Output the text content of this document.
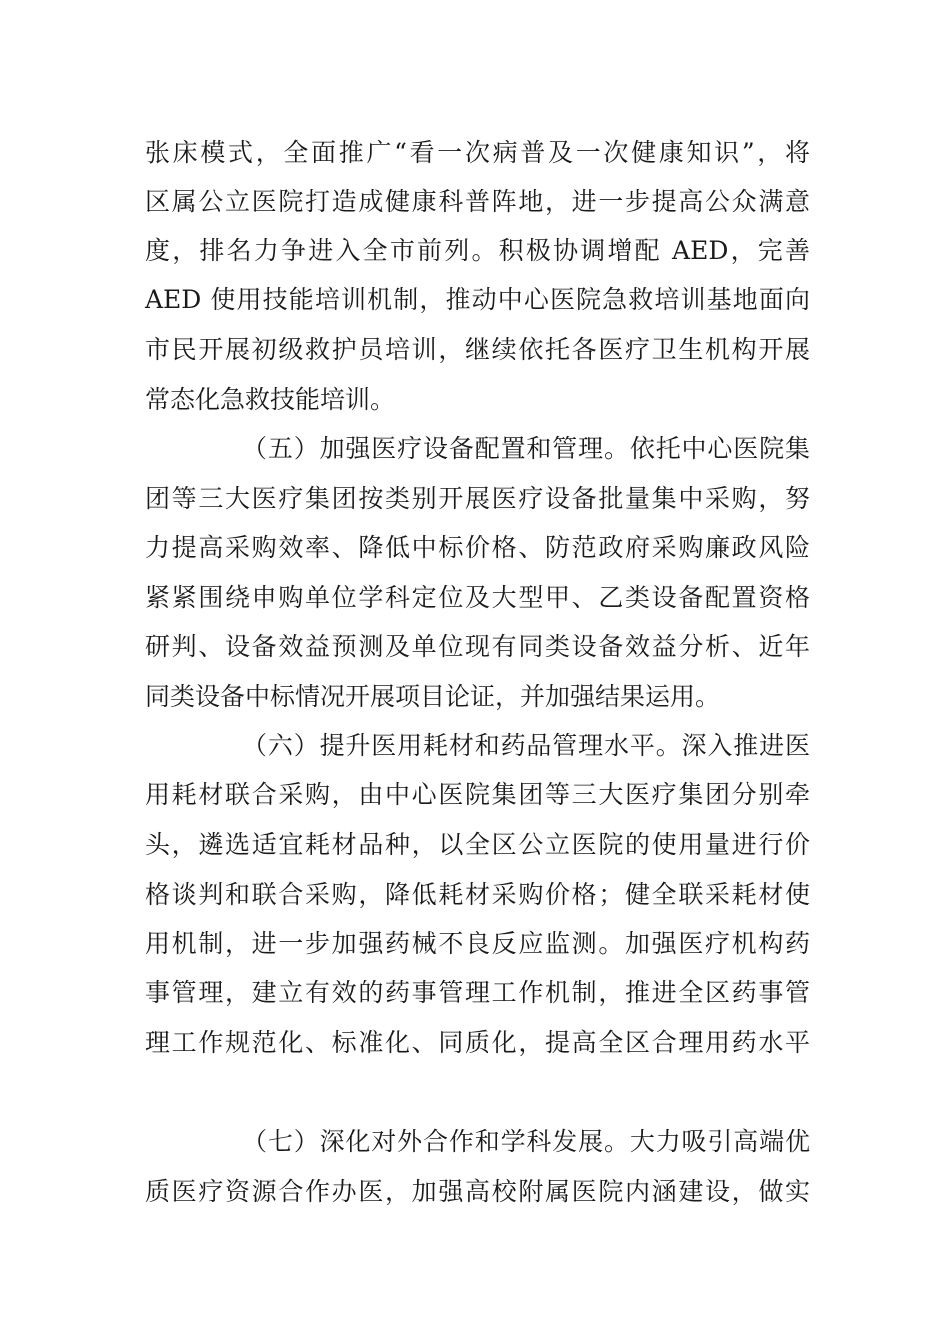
张床模式，全面推广“看一次病普及一次健康知识”，将
区属公立医院打造成健康科普阵地，进一步提高公众满意
度，排名力争进入全市前列。积极协调增配 AED，完善
AED 使用技能培训机制，推动中心医院急救培训基地面向
市民开展初级救护员培训，继续依托各医疗卫生机构开展
常态化急救技能培训。
（五）加强医疗设备配置和管理。依托中心医院集
团等三大医疗集团按类别开展医疗设备批量集中采购，努
力提高采购效率、降低中标价格、防范政府采购廉政风险
紧紧围绕申购单位学科定位及大型甲、乙类设备配置资格
研判、设备效益预测及单位现有同类设备效益分析、近年
同类设备中标情况开展项目论证，并加强结果运用。
（六）提升医用耗材和药品管理水平。深入推进医
用耗材联合采购，由中心医院集团等三大医疗集团分别牵
头，遴选适宜耗材品种，以全区公立医院的使用量进行价
格谈判和联合采购，降低耗材采购价格；健全联采耗材使
用机制，进一步加强药械不良反应监测。加强医疗机构药
事管理，建立有效的药事管理工作机制，推进全区药事管
理工作规范化、标准化、同质化，提高全区合理用药水平
（七）深化对外合作和学科发展。大力吸引高端优
质医疗资源合作办医，加强高校附属医院内涵建设，做实
